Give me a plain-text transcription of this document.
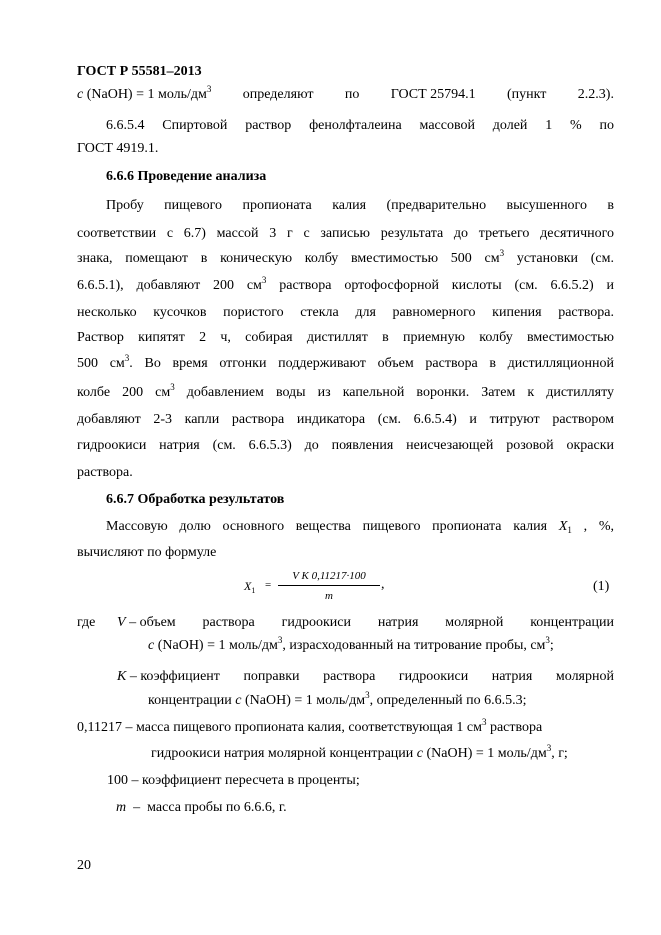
ГОСТ Р 55581–2013
c (NaOH) = 1 моль/$дм^3$ определяют по ГОСТ 25794.1 (пункт 2.2.3).
6.6.5.4 Спиртовой раствор фенолфталеина массовой долей 1 % по
ГОСТ 4919.1.
6.6.6 Проведение анализа
Пробу пищевого пропионата калия (предварительно высушенного в
соответствии с 6.7) массой 3 г с записью результата до третьего десятичного
знака, помещают в коническую колбу вместимостью 500 $см^3$ установки (см.
6.6.5.1), добавляют 200 $см^3$ раствора ортофосфорной кислоты (см. 6.6.5.2) и
несколько кусочков пористого стекла для равномерного кипения раствора.
Раствор кипятят 2 ч, собирая дистиллят в приемную колбу вместимостью
500 $см^3$. Во время отгонки поддерживают объем раствора в дистилляционной
колбе 200 $см^3$ добавлением воды из капельной воронки. Затем к дистилляту
добавляют 2-3 капли раствора индикатора (см. 6.6.5.4) и титруют раствором
гидроокиси натрия (см. 6.6.5.3) до появления неисчезающей розовой окраски
раствора.
6.6.7 Обработка результатов
Массовую долю основного вещества пищевого пропионата калия $X_1$ , %,
вычисляют по формуле
$X_1$ =
V K 0,11217·100
m
,	(1)
где V – объем раствора гидроокиси натрия молярной концентрации
c (NaOH) = 1 моль/$дм^3$, израсходованный на титрование пробы, $см^3$;
K – коэффициент поправки раствора гидроокиси натрия молярной
концентрации c (NaOH) = 1 моль/$дм^3$, определенный по 6.6.5.3;
0,11217 – масса пищевого пропионата калия, соответствующая 1 $см^3$ раствора
гидроокиси натрия молярной концентрации c (NaOH) = 1 моль/$дм^3$, г;
100 – коэффициент пересчета в проценты;
m  –  масса пробы по 6.6.6, г.
20
